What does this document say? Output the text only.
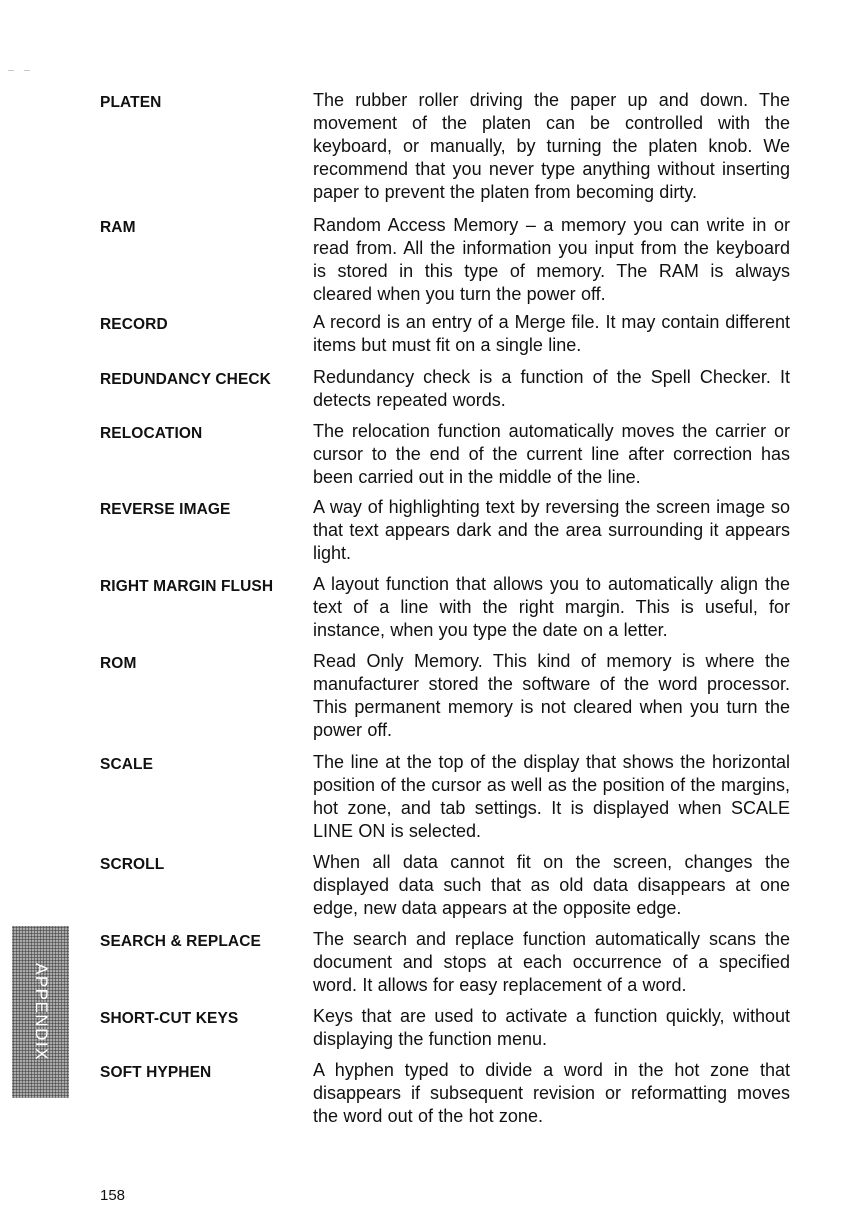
PLATEN	The rubber roller driving the paper up and down. The movement of the platen can be controlled with the keyboard, or manually, by turning the platen knob. We recommend that you never type anything without inserting paper to prevent the platen from becoming dirty.
RAM	Random Access Memory – a memory you can write in or read from. All the information you input from the keyboard is stored in this type of memory. The RAM is always cleared when you turn the power off.
RECORD	A record is an entry of a Merge file. It may contain different items but must fit on a single line.
REDUNDANCY CHECK	Redundancy check is a function of the Spell Checker. It detects repeated words.
RELOCATION	The relocation function automatically moves the carrier or cursor to the end of the current line after correction has been carried out in the middle of the line.
REVERSE IMAGE	A way of highlighting text by reversing the screen image so that text appears dark and the area surrounding it appears light.
RIGHT MARGIN FLUSH	A layout function that allows you to automatically align the text of a line with the right margin. This is useful, for instance, when you type the date on a letter.
ROM	Read Only Memory. This kind of memory is where the manufacturer stored the software of the word processor. This permanent memory is not cleared when you turn the power off.
SCALE	The line at the top of the display that shows the horizontal position of the cursor as well as the position of the margins, hot zone, and tab settings. It is displayed when SCALE LINE ON is selected.
SCROLL	When all data cannot fit on the screen, changes the displayed data such that as old data disappears at one edge, new data appears at the opposite edge.
SEARCH & REPLACE	The search and replace function automatically scans the document and stops at each occurrence of a specified word. It allows for easy replacement of a word.
SHORT-CUT KEYS	Keys that are used to activate a function quickly, without displaying the function menu.
SOFT HYPHEN	A hyphen typed to divide a word in the hot zone that disappears if subsequent revision or reformatting moves the word out of the hot zone.
APPENDIX
158
